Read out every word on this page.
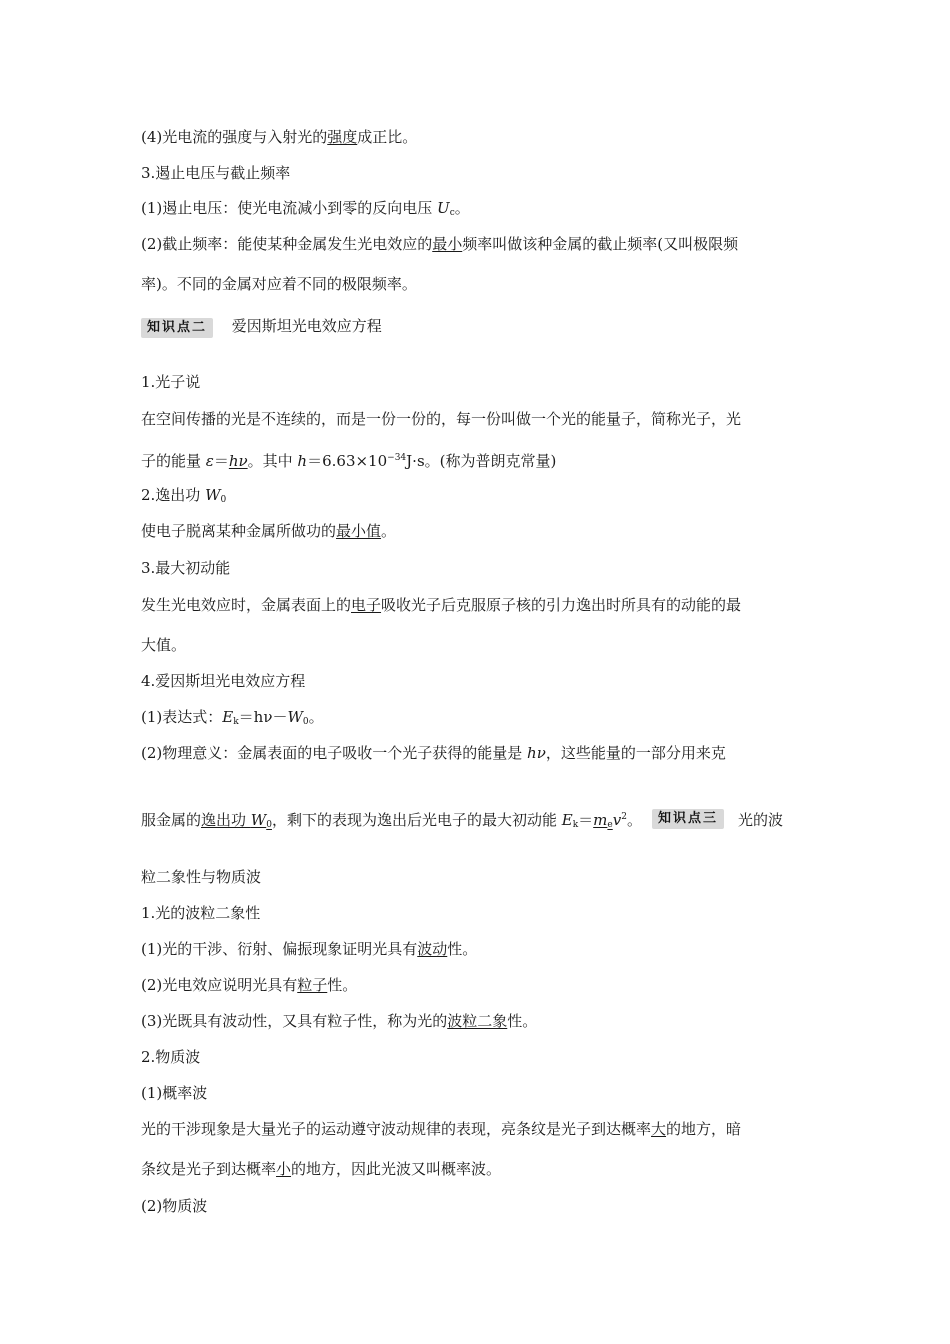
(4)光电流的强度与入射光的强度成正比。
3.遏止电压与截止频率
(1)遏止电压：使光电流减小到零的反向电压 Uc。
(2)截止频率：能使某种金属发生光电效应的最小频率叫做该种金属的截止频率(又叫极限频
率)。不同的金属对应着不同的极限频率。
知识点二 爱因斯坦光电效应方程
1.光子说
在空间传播的光是不连续的，而是一份一份的，每一份叫做一个光的能量子，简称光子，光
子的能量 ε＝hν。其中 $h=6.63\times 10^{-34}J\cdot s$。(称为普朗克常量)
2.逸出功 W0
使电子脱离某种金属所做功的最小值。
3.最大初动能
发生光电效应时，金属表面上的电子吸收光子后克服原子核的引力逸出时所具有的动能的最
大值。
4.爱因斯坦光电效应方程
(1)表达式：Ek＝hν－W0。
(2)物理意义：金属表面的电子吸收一个光子获得的能量是 hν，这些能量的一部分用来克
服金属的逸出功 W0，剩下的表现为逸出后光电子的最大初动能 Ek＝mev$^2$。 知识点三 光的波
粒二象性与物质波
1.光的波粒二象性
(1)光的干涉、衍射、偏振现象证明光具有波动性。
(2)光电效应说明光具有粒子性。
(3)光既具有波动性，又具有粒子性，称为光的波粒二象性。
2.物质波
(1)概率波
光的干涉现象是大量光子的运动遵守波动规律的表现，亮条纹是光子到达概率大的地方，暗
条纹是光子到达概率小的地方，因此光波又叫概率波。
(2)物质波
